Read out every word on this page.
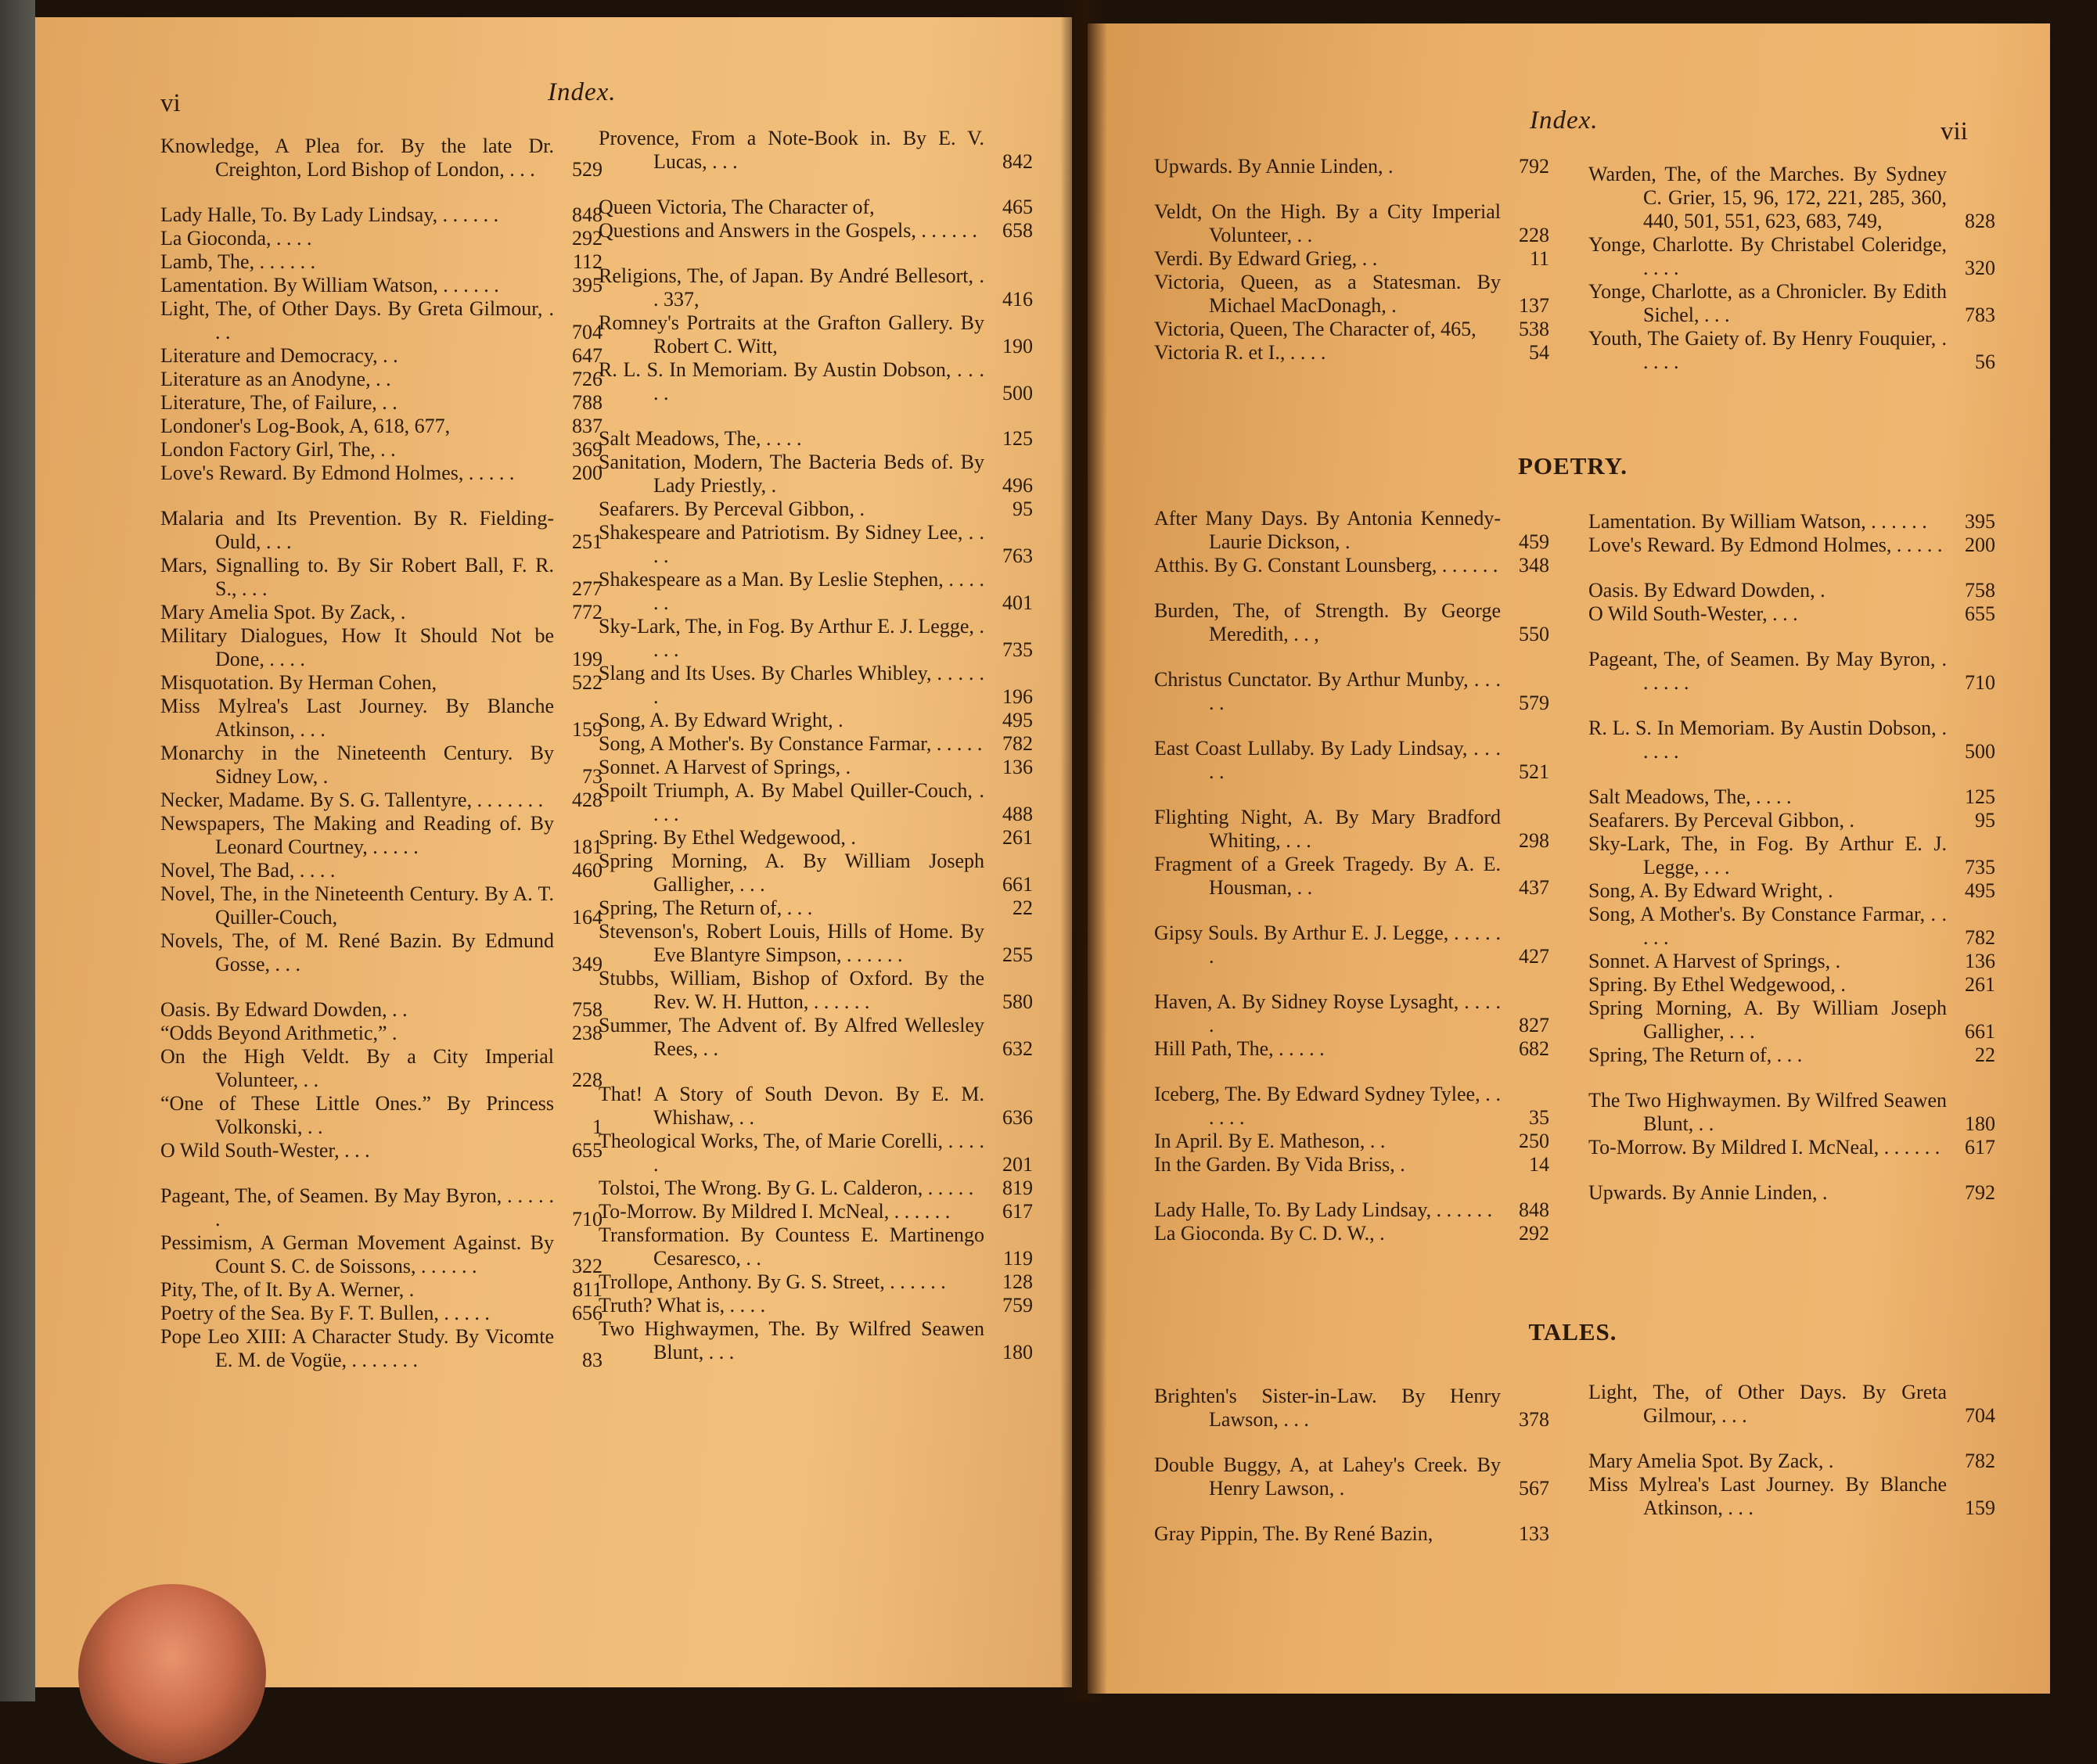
vi	Index.
Knowledge, A Plea for. By the late Dr. Creighton, Lord Bishop of London, . . .	529
Lady Halle, To. By Lady Lindsay, . . . . . .	848
La Gioconda, . . . .	292
Lamb, The, . . . . . .	112
Lamentation. By William Watson, . . . . . .	395
Light, The, of Other Days. By Greta Gilmour, . . .	704
Literature and Democracy, . .	647
Literature as an Anodyne, . .	726
Literature, The, of Failure, . .	788
Londoner's Log-Book, A, 618, 677,	837
London Factory Girl, The, . .	369
Love's Reward. By Edmond Holmes, . . . . .	200
Malaria and Its Prevention. By R. Fielding-Ould, . . .	251
Mars, Signalling to. By Sir Robert Ball, F. R. S., . . .	277
Mary Amelia Spot. By Zack, .	772
Military Dialogues, How It Should Not be Done, . . . .	199
Misquotation. By Herman Cohen,	522
Miss Mylrea's Last Journey. By Blanche Atkinson, . . .	159
Monarchy in the Nineteenth Century. By Sidney Low, .	73
Necker, Madame. By S. G. Tallentyre, . . . . . . .	428
Newspapers, The Making and Reading of. By Leonard Courtney, . . . . .	181
Novel, The Bad, . . . .	460
Novel, The, in the Nineteenth Century. By A. T. Quiller-Couch,	164
Novels, The, of M. René Bazin. By Edmund Gosse, . . .	349
Oasis. By Edward Dowden, . .	758
“Odds Beyond Arithmetic,” .	238
On the High Veldt. By a City Imperial Volunteer, . .	228
“One of These Little Ones.” By Princess Volkonski, . .	1
O Wild South-Wester, . . .	655
Pageant, The, of Seamen. By May Byron, . . . . . .	710
Pessimism, A German Movement Against. By Count S. C. de Soissons, . . . . . .	322
Pity, The, of It. By A. Werner, .	811
Poetry of the Sea. By F. T. Bullen, . . . . .	656
Pope Leo XIII: A Character Study. By Vicomte E. M. de Vogüe, . . . . . . .	83
Provence, From a Note-Book in. By E. V. Lucas, . . .	842
Queen Victoria, The Character of,	465
Questions and Answers in the Gospels, . . . . . .	658
Religions, The, of Japan. By André Bellesort, . . 337,	416
Romney's Portraits at the Grafton Gallery. By Robert C. Witt,	190
R. L. S. In Memoriam. By Austin Dobson, . . . . .	500
Salt Meadows, The, . . . .	125
Sanitation, Modern, The Bacteria Beds of. By Lady Priestly, .	496
Seafarers. By Perceval Gibbon, .	95
Shakespeare and Patriotism. By Sidney Lee, . . . .	763
Shakespeare as a Man. By Leslie Stephen, . . . . . .	401
Sky-Lark, The, in Fog. By Arthur E. J. Legge, . . . .	735
Slang and Its Uses. By Charles Whibley, . . . . . .	196
Song, A. By Edward Wright, .	495
Song, A Mother's. By Constance Farmar, . . . . . 782
Sonnet. A Harvest of Springs, .	136
Spoilt Triumph, A. By Mabel Quiller-Couch, . . . .	488
Spring. By Ethel Wedgewood, .	261
Spring Morning, A. By William Joseph Galligher, . . .	661
Spring, The Return of, . . .	22
Stevenson's, Robert Louis, Hills of Home. By Eve Blantyre Simpson, . . . . . .	255
Stubbs, William, Bishop of Oxford. By the Rev. W. H. Hutton, . . . . . .	580
Summer, The Advent of. By Alfred Wellesley Rees, . .	632
That! A Story of South Devon. By E. M. Whishaw, . .	636
Theological Works, The, of Marie Corelli, . . . . .	201
Tolstoi, The Wrong. By G. L. Calderon, . . . . .	819
To-Morrow. By Mildred I. McNeal, . . . . . .	617
Transformation. By Countess E. Martinengo Cesaresco, . .	119
Trollope, Anthony. By G. S. Street, . . . . . .	128
Truth? What is, . . . .	759
Two Highwaymen, The. By Wilfred Seawen Blunt, . . .	180
Index.	vii
Upwards. By Annie Linden, .	792
Veldt, On the High. By a City Imperial Volunteer, . .	228
Verdi. By Edward Grieg, . .	11
Victoria, Queen, as a Statesman. By Michael MacDonagh, .	137
Victoria, Queen, The Character of, 465,	538
Victoria R. et I., . . . .	54
Warden, The, of the Marches. By Sydney C. Grier, 15, 96, 172, 221, 285, 360, 440, 501, 551, 623, 683, 749,	828
Yonge, Charlotte. By Christabel Coleridge, . . . .	320
Yonge, Charlotte, as a Chronicler. By Edith Sichel, . . .	783
Youth, The Gaiety of. By Henry Fouquier, . . . . .	56
POETRY.
After Many Days. By Antonia Kennedy-Laurie Dickson, .	459
Atthis. By G. Constant Lounsberg, . . . . . .	348
Burden, The, of Strength. By George Meredith, . . ,	550
Christus Cunctator. By Arthur Munby, . . . . .	579
East Coast Lullaby. By Lady Lindsay, . . . . .	521
Flighting Night, A. By Mary Bradford Whiting, . . .	298
Fragment of a Greek Tragedy. By A. E. Housman, . .	437
Gipsy Souls. By Arthur E. J. Legge, . . . . . .	427
Haven, A. By Sidney Royse Lysaght, . . . . .	827
Hill Path, The, . . . . .	682
Iceberg, The. By Edward Sydney Tylee, . . . . . .	35
In April. By E. Matheson, . .	250
In the Garden. By Vida Briss, .	14
Lady Halle, To. By Lady Lindsay, . . . . . .	848
La Gioconda. By C. D. W., .	292
Lamentation. By William Watson, . . . . . .	395
Love's Reward. By Edmond Holmes, . . . . .	200
Oasis. By Edward Dowden, .	758
O Wild South-Wester, . . .	655
Pageant, The, of Seamen. By May Byron, . . . . . .	710
R. L. S. In Memoriam. By Austin Dobson, . . . . .	500
Salt Meadows, The, . . . .	125
Seafarers. By Perceval Gibbon, .	95
Sky-Lark, The, in Fog. By Arthur E. J. Legge, . . .	735
Song, A. By Edward Wright, .	495
Song, A Mother's. By Constance Farmar, . . . . .	782
Sonnet. A Harvest of Springs, .	136
Spring. By Ethel Wedgewood, .	261
Spring Morning, A. By William Joseph Galligher, . . .	661
Spring, The Return of, . . .	22
The Two Highwaymen. By Wilfred Seawen Blunt, . .	180
To-Morrow. By Mildred I. McNeal, . . . . . .	617
Upwards. By Annie Linden, .	792
TALES.
Brighten's Sister-in-Law. By Henry Lawson, . . .	378
Double Buggy, A, at Lahey's Creek. By Henry Lawson, .	567
Gray Pippin, The. By René Bazin,	133
Light, The, of Other Days. By Greta Gilmour, . . .	704
Mary Amelia Spot. By Zack, .	782
Miss Mylrea's Last Journey. By Blanche Atkinson, . . .	159
